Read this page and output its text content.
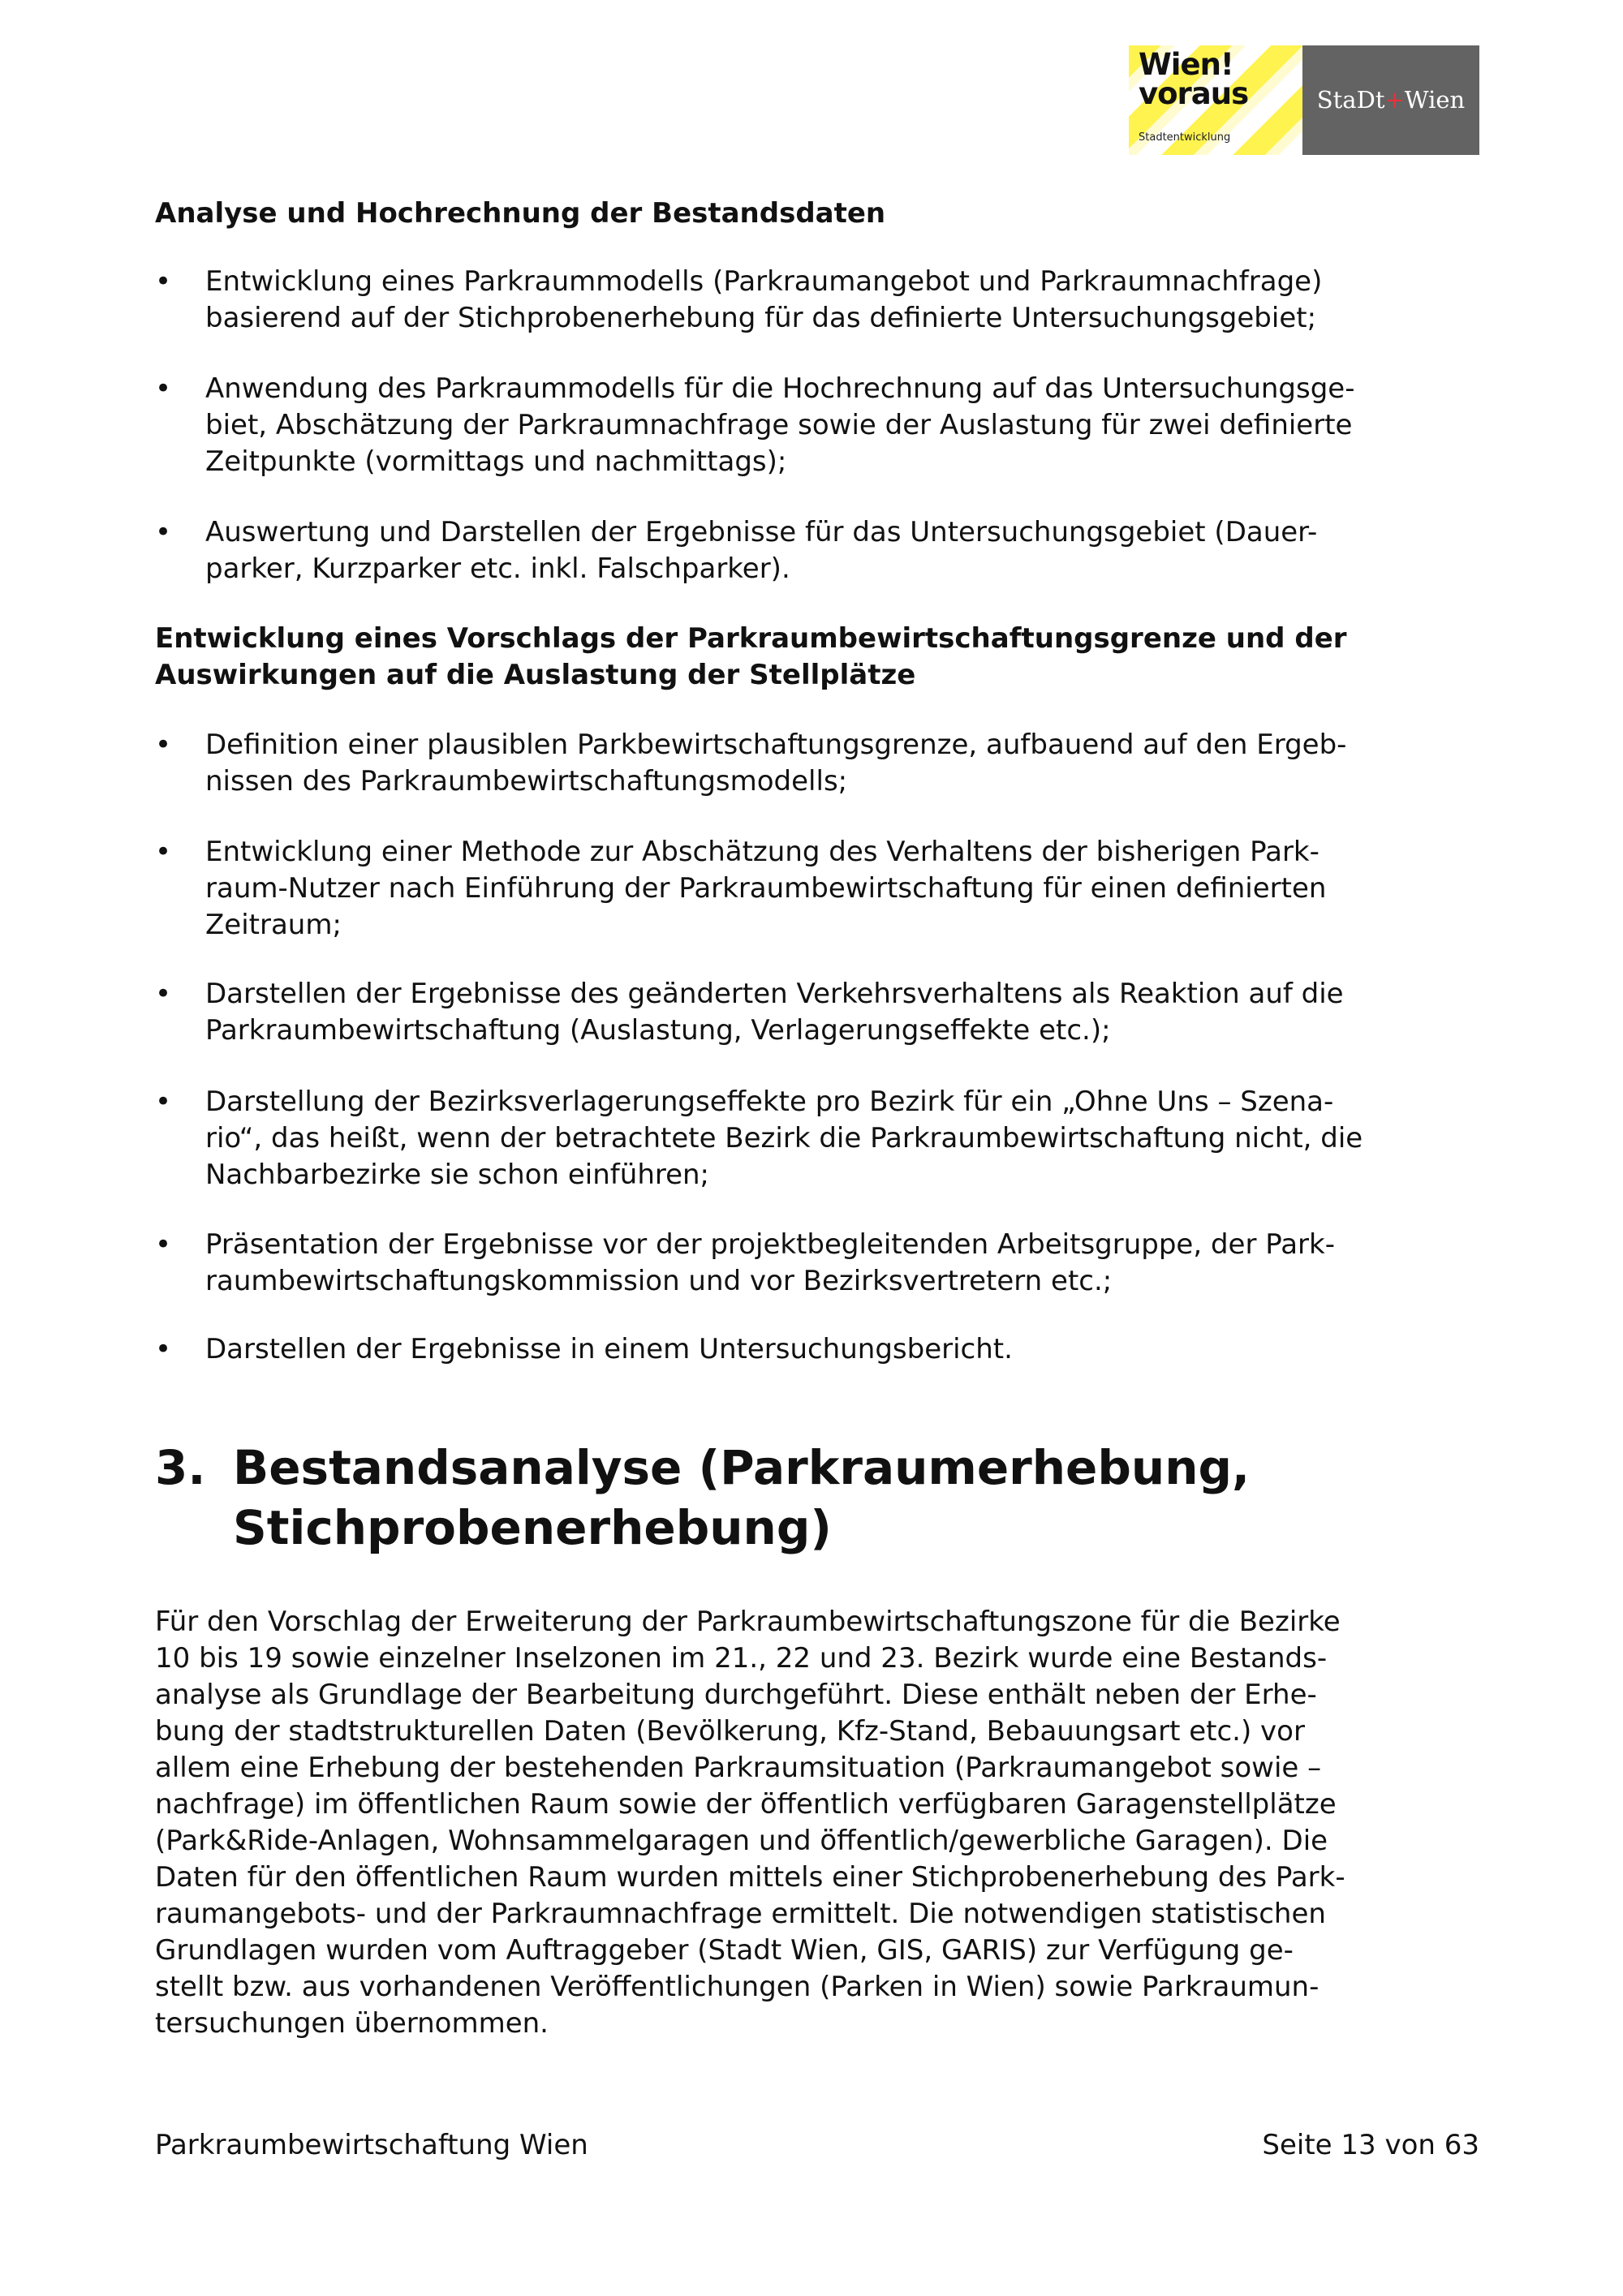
Wien!
voraus
Stadtentwicklung
StaDt+Wien
Analyse und Hochrechnung der Bestandsdaten
• Entwicklung eines Parkraummodells (Parkraumangebot und Parkraumnachfrage)
basierend auf der Stichprobenerhebung für das definierte Untersuchungsgebiet;
• Anwendung des Parkraummodells für die Hochrechnung auf das Untersuchungsge-
biet, Abschätzung der Parkraumnachfrage sowie der Auslastung für zwei definierte
Zeitpunkte (vormittags und nachmittags);
• Auswertung und Darstellen der Ergebnisse für das Untersuchungsgebiet (Dauer-
parker, Kurzparker etc. inkl. Falschparker).
Entwicklung eines Vorschlags der Parkraumbewirtschaftungsgrenze und der
Auswirkungen auf die Auslastung der Stellplätze
• Definition einer plausiblen Parkbewirtschaftungsgrenze, aufbauend auf den Ergeb-
nissen des Parkraumbewirtschaftungsmodells;
• Entwicklung einer Methode zur Abschätzung des Verhaltens der bisherigen Park-
raum-Nutzer nach Einführung der Parkraumbewirtschaftung für einen definierten
Zeitraum;
• Darstellen der Ergebnisse des geänderten Verkehrsverhaltens als Reaktion auf die
Parkraumbewirtschaftung (Auslastung, Verlagerungseffekte etc.);
• Darstellung der Bezirksverlagerungseffekte pro Bezirk für ein „Ohne Uns – Szena-
rio“, das heißt, wenn der betrachtete Bezirk die Parkraumbewirtschaftung nicht, die
Nachbarbezirke sie schon einführen;
• Präsentation der Ergebnisse vor der projektbegleitenden Arbeitsgruppe, der Park-
raumbewirtschaftungskommission und vor Bezirksvertretern etc.;
• Darstellen der Ergebnisse in einem Untersuchungsbericht.
3. Bestandsanalyse (Parkraumerhebung,
Stichprobenerhebung)
Für den Vorschlag der Erweiterung der Parkraumbewirtschaftungszone für die Bezirke
10 bis 19 sowie einzelner Inselzonen im 21., 22 und 23. Bezirk wurde eine Bestands-
analyse als Grundlage der Bearbeitung durchgeführt. Diese enthält neben der Erhe-
bung der stadtstrukturellen Daten (Bevölkerung, Kfz-Stand, Bebauungsart etc.) vor
allem eine Erhebung der bestehenden Parkraumsituation (Parkraumangebot sowie –
nachfrage) im öffentlichen Raum sowie der öffentlich verfügbaren Garagenstellplätze
(Park&Ride-Anlagen, Wohnsammelgaragen und öffentlich/gewerbliche Garagen). Die
Daten für den öffentlichen Raum wurden mittels einer Stichprobenerhebung des Park-
raumangebots- und der Parkraumnachfrage ermittelt. Die notwendigen statistischen
Grundlagen wurden vom Auftraggeber (Stadt Wien, GIS, GARIS) zur Verfügung ge-
stellt bzw. aus vorhandenen Veröffentlichungen (Parken in Wien) sowie Parkraumun-
tersuchungen übernommen.
Parkraumbewirtschaftung Wien	Seite 13 von 63
